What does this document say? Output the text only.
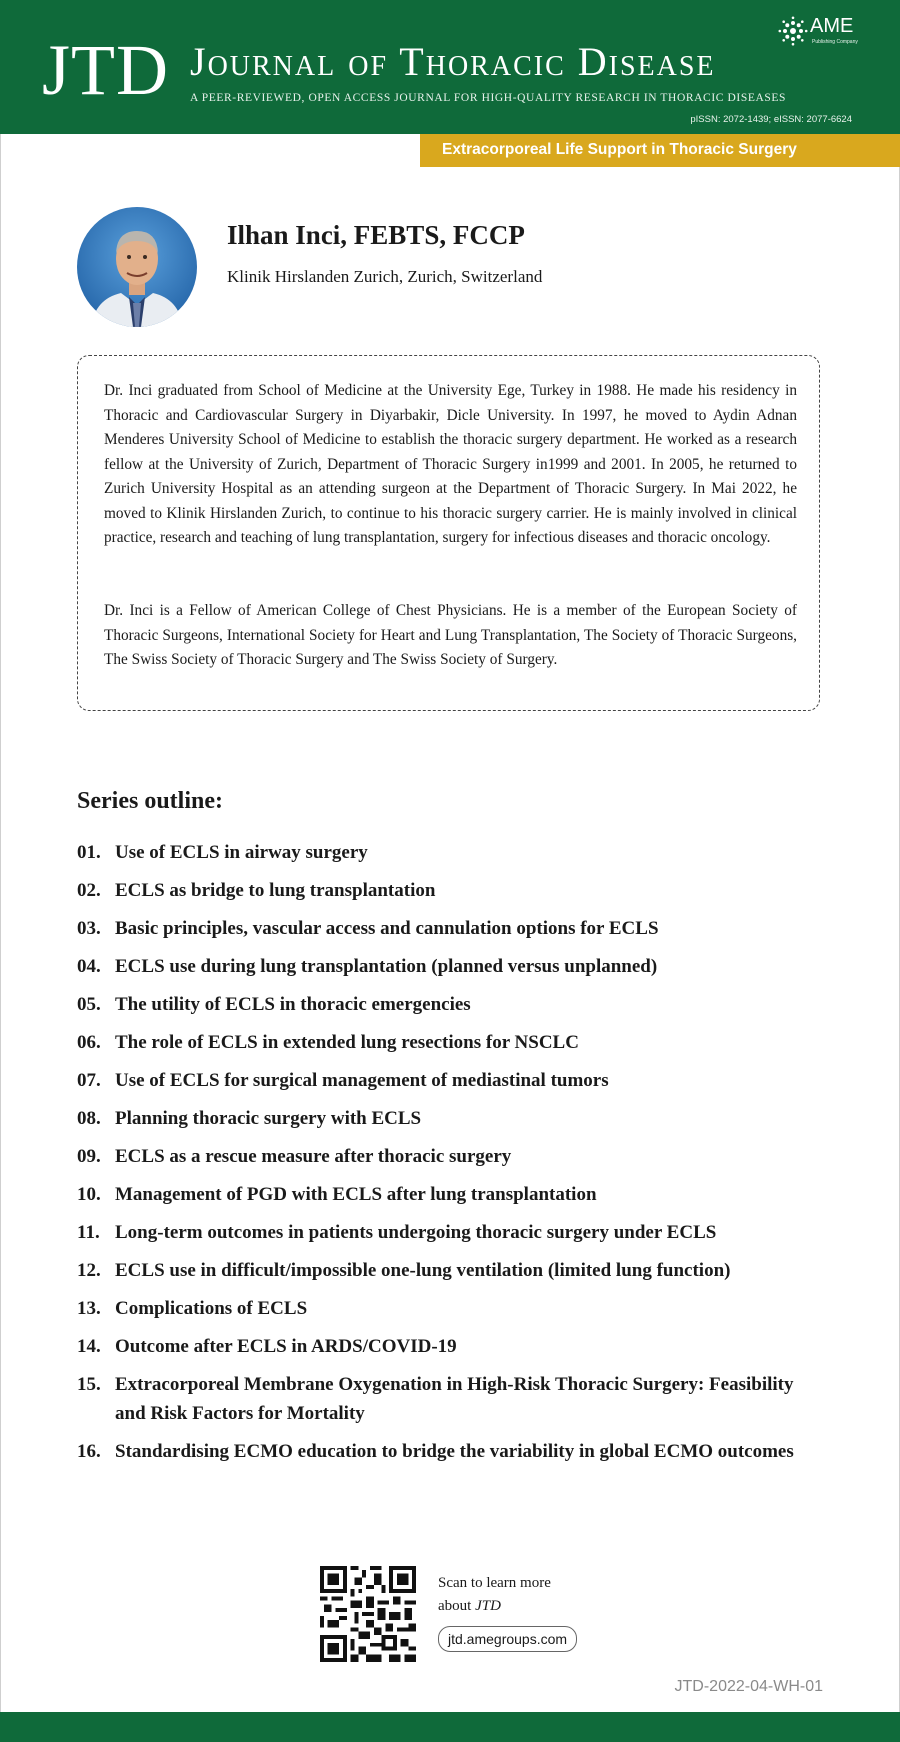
JTD Journal of Thoracic Disease
A PEER-REVIEWED, OPEN ACCESS JOURNAL FOR HIGH-QUALITY RESEARCH IN THORACIC DISEASES
pISSN: 2072-1439; eISSN: 2077-6624
AME
Publishing Company
Extracorporeal Life Support in Thoracic Surgery
Ilhan Inci, FEBTS, FCCP
Klinik Hirslanden Zurich, Zurich, Switzerland

Dr. Inci graduated from School of Medicine at the University Ege, Turkey in 1988. He made his residency in Thoracic and Cardiovascular Surgery in Diyarbakir, Dicle University. In 1997, he moved to Aydin Adnan Menderes University School of Medicine to establish the thoracic surgery department. He worked as a research fellow at the University of Zurich, Department of Thoracic Surgery in1999 and 2001. In 2005, he returned to Zurich University Hospital as an attending surgeon at the Department of Thoracic Surgery. In Mai 2022, he moved to Klinik Hirslanden Zurich, to continue to his thoracic surgery carrier. He is mainly involved in clinical practice, research and teaching of lung transplantation, surgery for infectious diseases and thoracic oncology.

Dr. Inci is a Fellow of American College of Chest Physicians. He is a member of the European Society of Thoracic Surgeons, International Society for Heart and Lung Transplantation, The Society of Thoracic Surgeons, The Swiss Society of Thoracic Surgery and The Swiss Society of Surgery.

Series outline:
01. Use of ECLS in airway surgery
02. ECLS as bridge to lung transplantation
03. Basic principles, vascular access and cannulation options for ECLS
04. ECLS use during lung transplantation (planned versus unplanned)
05. The utility of ECLS in thoracic emergencies
06. The role of ECLS in extended lung resections for NSCLC
07. Use of ECLS for surgical management of mediastinal tumors
08. Planning thoracic surgery with ECLS
09. ECLS as a rescue measure after thoracic surgery
10. Management of PGD with ECLS after lung transplantation
11. Long-term outcomes in patients undergoing thoracic surgery under ECLS
12. ECLS use in difficult/impossible one-lung ventilation (limited lung function)
13. Complications of ECLS
14. Outcome after ECLS in ARDS/COVID-19
15. Extracorporeal Membrane Oxygenation in High-Risk Thoracic Surgery: Feasibility and Risk Factors for Mortality
16. Standardising ECMO education to bridge the variability in global ECMO outcomes
Scan to learn more
about JTD
jtd.amegroups.com
JTD-2022-04-WH-01
